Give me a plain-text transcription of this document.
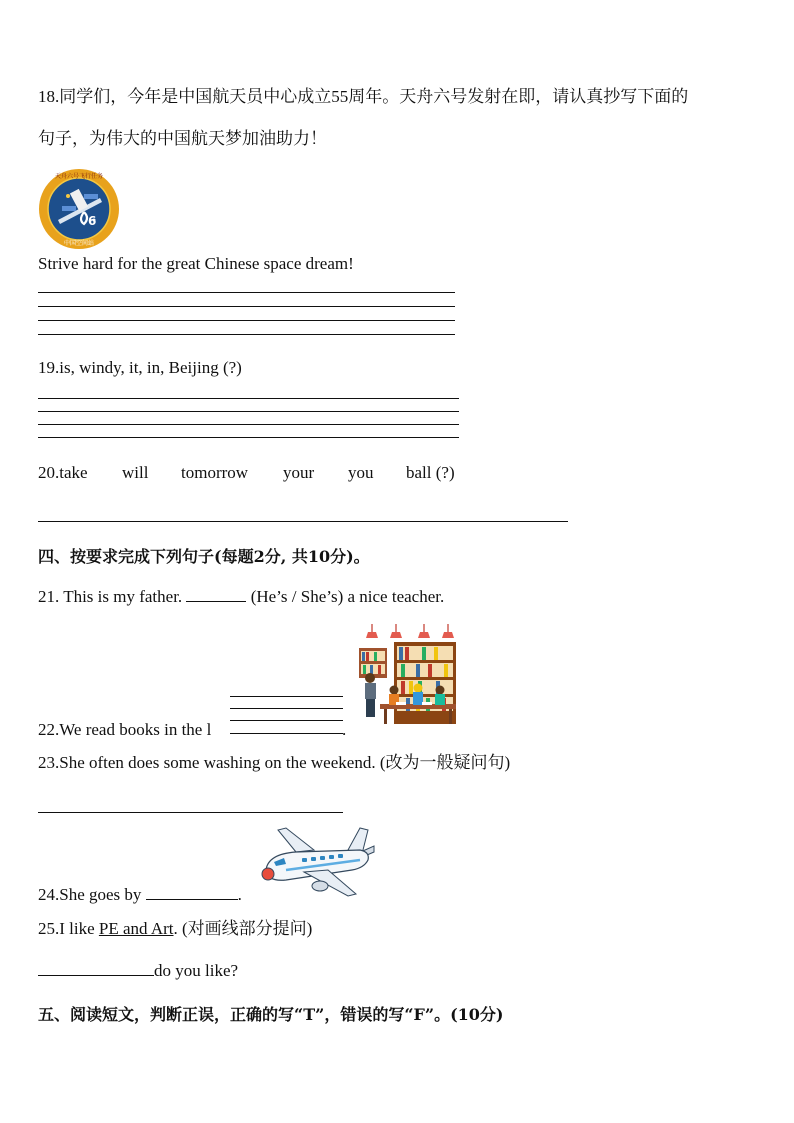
18.同学们，今年是中国航天员中心成立55周年。天舟六号发射在即，请认真抄写下面的
句子，为伟大的中国航天梦加油助力！
天舟六号飞行任务
中国空间站
6
Strive hard for the great Chinese space dream!
19.is, windy, it, in, Beijing (?)
20.take will tomorrow your you ball (?)
四、按要求完成下列句子(每题2分, 共10分)。
21. This is my father.	(He’s / She’s) a nice teacher.
22.We read books in the l	.
23.She often does some washing on the weekend. (改为一般疑问句)
24.She goes by	.
25.I like PE and Art. (对画线部分提问)
do you like?
五、阅读短文，判断正误，正确的写“T”，错误的写“F”。(10分)
